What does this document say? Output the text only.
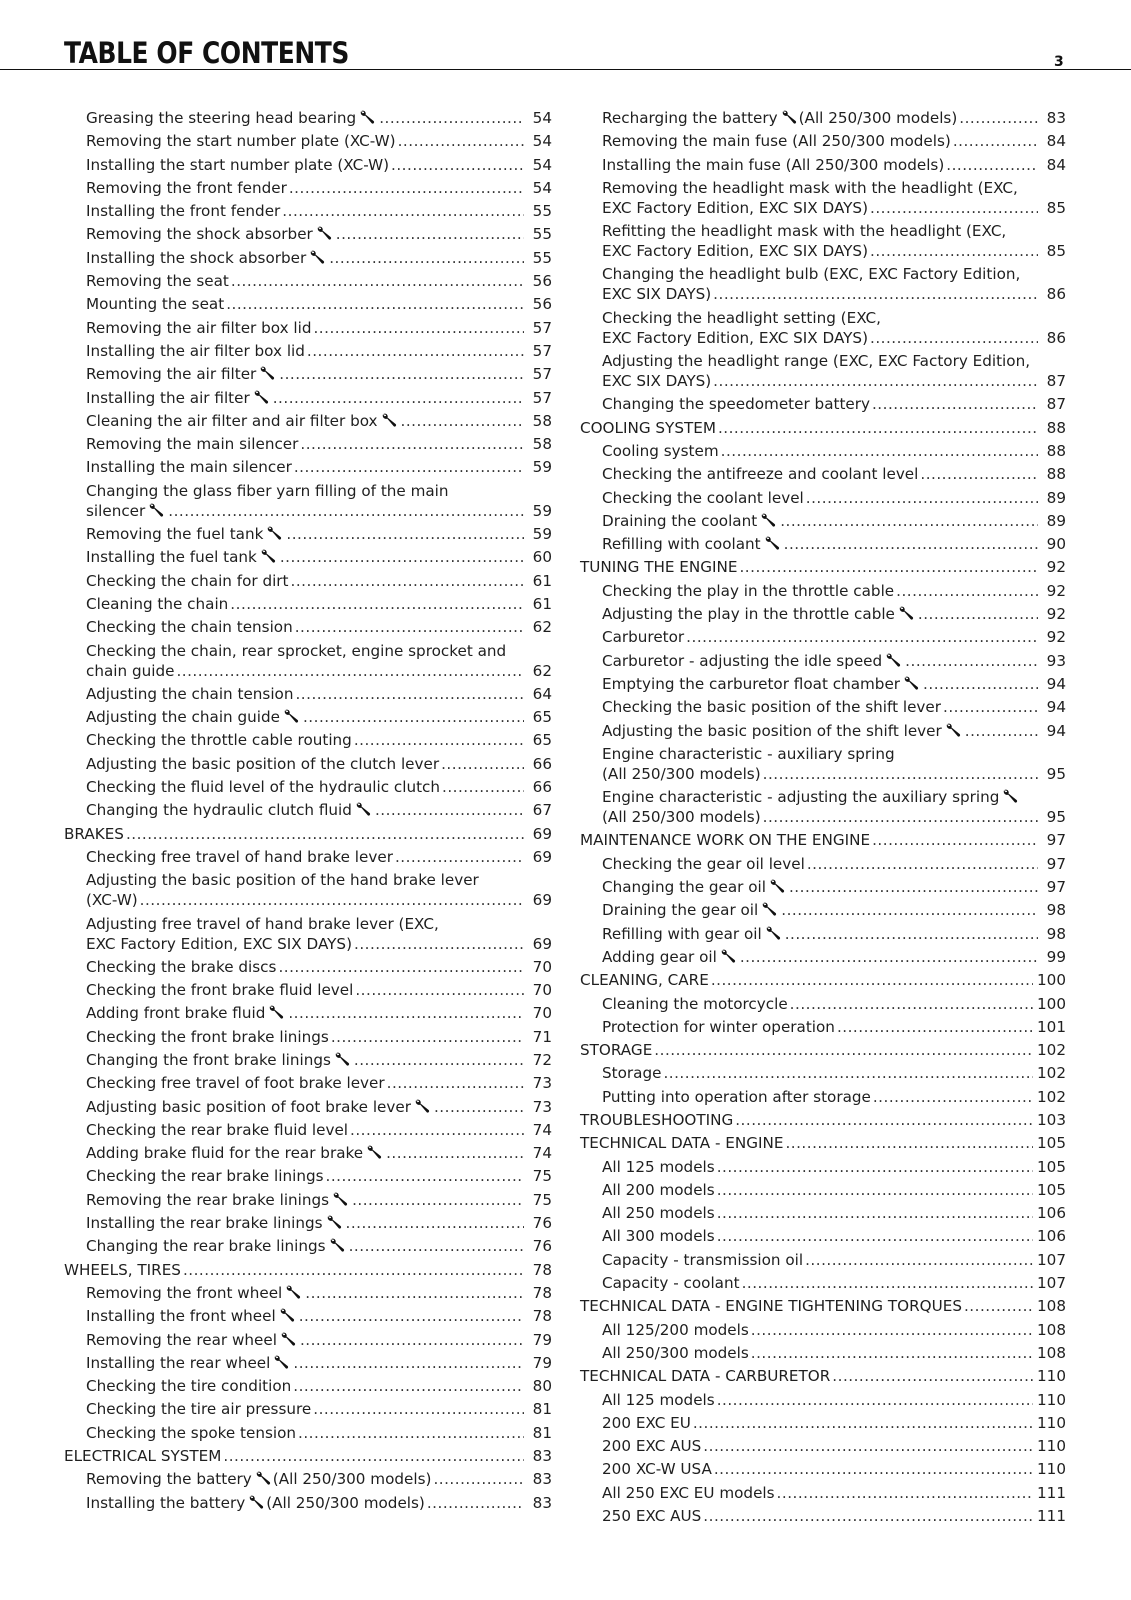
TABLE OF CONTENTS	3
Greasing the steering head bearing .....	54
Removing the start number plate (XC-W) .....	54
Installing the start number plate (XC-W) .....	54
Removing the front fender .....	54
Installing the front fender .....	55
Removing the shock absorber .....	55
Installing the shock absorber .....	55
Removing the seat .....	56
Mounting the seat .....	56
Removing the air filter box lid .....	57
Installing the air filter box lid .....	57
Removing the air filter .....	57
Installing the air filter .....	57
Cleaning the air filter and air filter box .....	58
Removing the main silencer .....	58
Installing the main silencer .....	59
Changing the glass fiber yarn filling of the main
silencer .....	59
Removing the fuel tank .....	59
Installing the fuel tank .....	60
Checking the chain for dirt .....	61
Cleaning the chain .....	61
Checking the chain tension .....	62
Checking the chain, rear sprocket, engine sprocket and
chain guide .....	62
Adjusting the chain tension .....	64
Adjusting the chain guide .....	65
Checking the throttle cable routing .....	65
Adjusting the basic position of the clutch lever .....	66
Checking the fluid level of the hydraulic clutch .....	66
Changing the hydraulic clutch fluid .....	67
BRAKES .....	69
Checking free travel of hand brake lever .....	69
Adjusting the basic position of the hand brake lever
(XC-W) .....	69
Adjusting free travel of hand brake lever (EXC,
EXC Factory Edition, EXC SIX DAYS) .....	69
Checking the brake discs .....	70
Checking the front brake fluid level .....	70
Adding front brake fluid .....	70
Checking the front brake linings .....	71
Changing the front brake linings .....	72
Checking free travel of foot brake lever .....	73
Adjusting basic position of foot brake lever .....	73
Checking the rear brake fluid level .....	74
Adding brake fluid for the rear brake .....	74
Checking the rear brake linings .....	75
Removing the rear brake linings .....	75
Installing the rear brake linings .....	76
Changing the rear brake linings .....	76
WHEELS, TIRES .....	78
Removing the front wheel .....	78
Installing the front wheel .....	78
Removing the rear wheel .....	79
Installing the rear wheel .....	79
Checking the tire condition .....	80
Checking the tire air pressure .....	81
Checking the spoke tension .....	81
ELECTRICAL SYSTEM .....	83
Removing the battery (All 250/300 models) .....	83
Installing the battery (All 250/300 models) .....	83
Recharging the battery (All 250/300 models) .....	83
Removing the main fuse (All 250/300 models) .....	84
Installing the main fuse (All 250/300 models) .....	84
Removing the headlight mask with the headlight (EXC,
EXC Factory Edition, EXC SIX DAYS) .....	85
Refitting the headlight mask with the headlight (EXC,
EXC Factory Edition, EXC SIX DAYS) .....	85
Changing the headlight bulb (EXC, EXC Factory Edition,
EXC SIX DAYS) .....	86
Checking the headlight setting (EXC,
EXC Factory Edition, EXC SIX DAYS) .....	86
Adjusting the headlight range (EXC, EXC Factory Edition,
EXC SIX DAYS) .....	87
Changing the speedometer battery .....	87
COOLING SYSTEM .....	88
Cooling system .....	88
Checking the antifreeze and coolant level .....	88
Checking the coolant level .....	89
Draining the coolant .....	89
Refilling with coolant .....	90
TUNING THE ENGINE .....	92
Checking the play in the throttle cable .....	92
Adjusting the play in the throttle cable .....	92
Carburetor .....	92
Carburetor - adjusting the idle speed .....	93
Emptying the carburetor float chamber .....	94
Checking the basic position of the shift lever .....	94
Adjusting the basic position of the shift lever .....	94
Engine characteristic - auxiliary spring
(All 250/300 models) .....	95
Engine characteristic - adjusting the auxiliary spring
(All 250/300 models) .....	95
MAINTENANCE WORK ON THE ENGINE .....	97
Checking the gear oil level .....	97
Changing the gear oil .....	97
Draining the gear oil .....	98
Refilling with gear oil .....	98
Adding gear oil .....	99
CLEANING, CARE .....	100
Cleaning the motorcycle .....	100
Protection for winter operation .....	101
STORAGE .....	102
Storage .....	102
Putting into operation after storage .....	102
TROUBLESHOOTING .....	103
TECHNICAL DATA - ENGINE .....	105
All 125 models .....	105
All 200 models .....	105
All 250 models .....	106
All 300 models .....	106
Capacity - transmission oil .....	107
Capacity - coolant .....	107
TECHNICAL DATA - ENGINE TIGHTENING TORQUES .....	108
All 125/200 models .....	108
All 250/300 models .....	108
TECHNICAL DATA - CARBURETOR .....	110
All 125 models .....	110
200 EXC EU .....	110
200 EXC AUS .....	110
200 XC-W USA .....	110
All 250 EXC EU models .....	111
250 EXC AUS .....	111
